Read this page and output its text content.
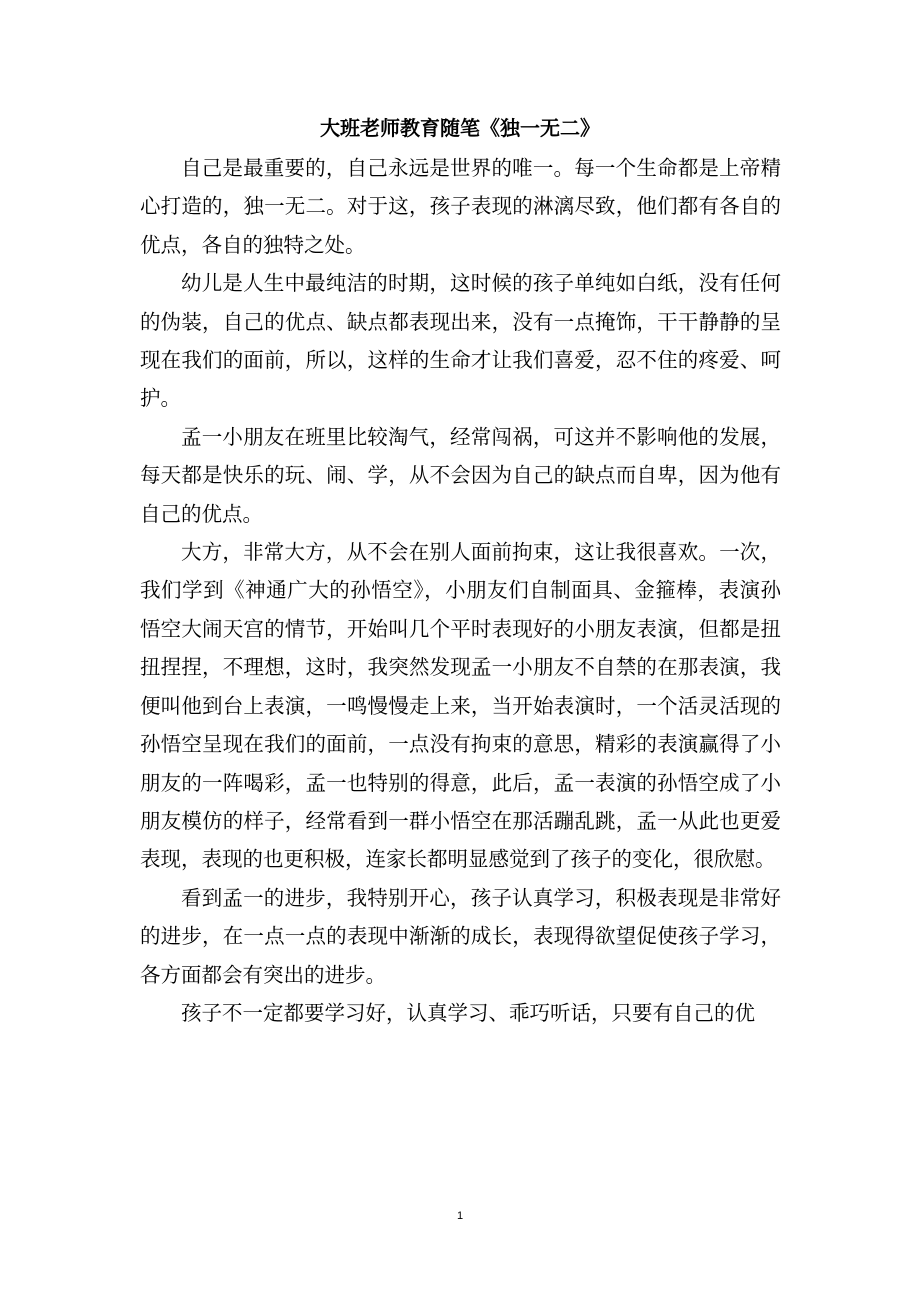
大班老师教育随笔《独一无二》

自己是最重要的，自己永远是世界的唯一。每一个生命都是上帝精心打造的，独一无二。对于这，孩子表现的淋漓尽致，他们都有各自的优点，各自的独特之处。

幼儿是人生中最纯洁的时期，这时候的孩子单纯如白纸，没有任何的伪装，自己的优点、缺点都表现出来，没有一点掩饰，干干静静的呈现在我们的面前，所以，这样的生命才让我们喜爱，忍不住的疼爱、呵护。

孟一小朋友在班里比较淘气，经常闯祸，可这并不影响他的发展，每天都是快乐的玩、闹、学，从不会因为自己的缺点而自卑，因为他有自己的优点。

大方，非常大方，从不会在别人面前拘束，这让我很喜欢。一次，我们学到《神通广大的孙悟空》，小朋友们自制面具、金箍棒，表演孙悟空大闹天宫的情节，开始叫几个平时表现好的小朋友表演，但都是扭扭捏捏，不理想，这时，我突然发现孟一小朋友不自禁的在那表演，我便叫他到台上表演，一鸣慢慢走上来，当开始表演时，一个活灵活现的孙悟空呈现在我们的面前，一点没有拘束的意思，精彩的表演赢得了小朋友的一阵喝彩，孟一也特别的得意，此后，孟一表演的孙悟空成了小朋友模仿的样子，经常看到一群小悟空在那活蹦乱跳，孟一从此也更爱表现，表现的也更积极，连家长都明显感觉到了孩子的变化，很欣慰。

看到孟一的进步，我特别开心，孩子认真学习，积极表现是非常好的进步，在一点一点的表现中渐渐的成长，表现得欲望促使孩子学习，各方面都会有突出的进步。

孩子不一定都要学习好，认真学习、乖巧听话，只要有自己的优

1
